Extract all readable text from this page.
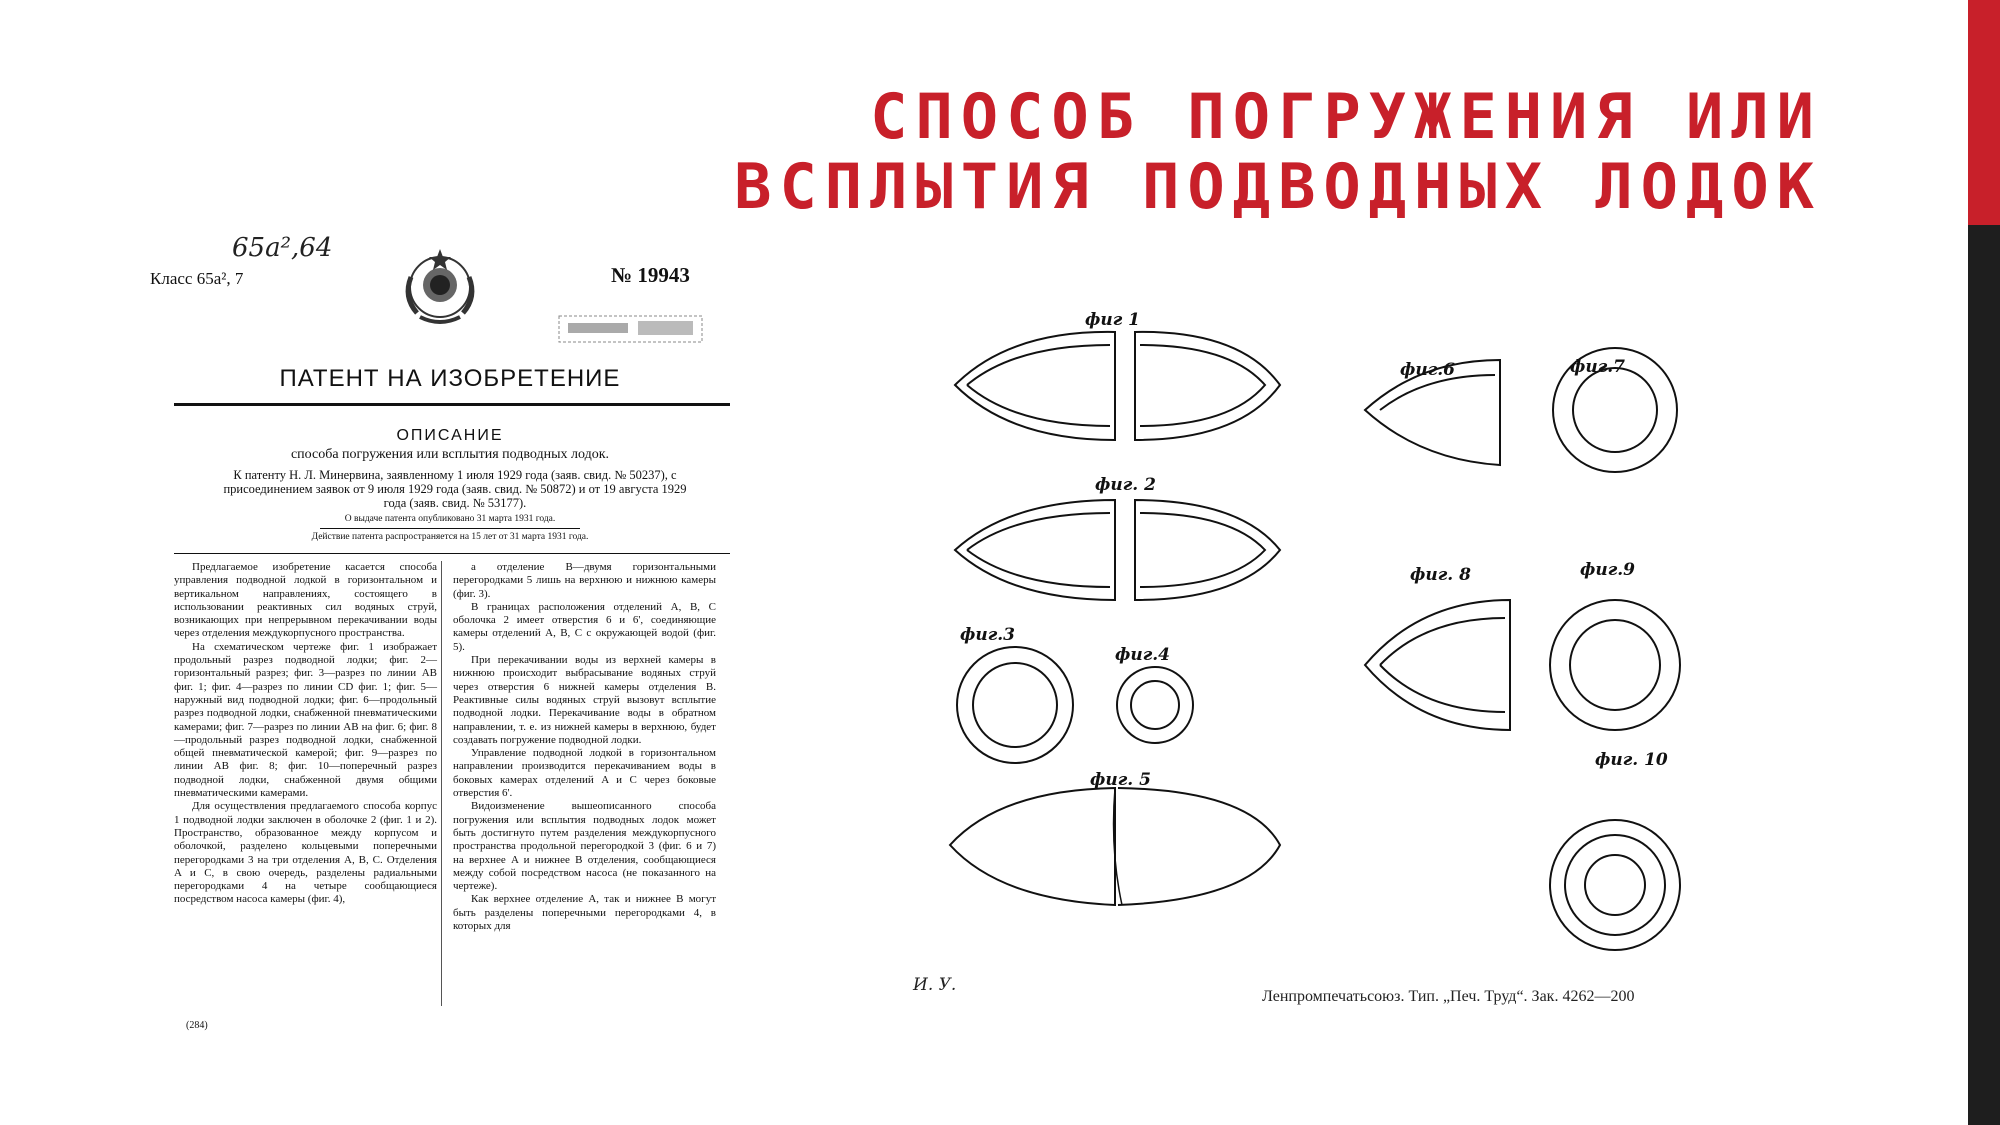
СПОСОБ ПОГРУЖЕНИЯ ИЛИ ВСПЛЫТИЯ ПОДВОДНЫХ ЛОДОК
65a²,64
Класс 65a², 7	№ 19943
ПАТЕНТ НА ИЗОБРЕТЕНИЕ
ОПИСАНИЕ
способа погружения или всплытия подводных лодок.
К патенту Н. Л. Минервина, заявленному 1 июля 1929 года (заяв. свид. № 50237), с присоединением заявок от 9 июля 1929 года (заяв. свид. № 50872) и от 19 августа 1929 года (заяв. свид. № 53177).
О выдаче патента опубликовано 31 марта 1931 года.
Действие патента распространяется на 15 лет от 31 марта 1931 года.

Предлагаемое изобретение касается способа управления подводной лодкой в горизонтальном и вертикальном направлениях, состоящего в использовании реактивных сил водяных струй, возникающих при непрерывном перекачивании воды через отделения междукорпусного пространства.

На схематическом чертеже фиг. 1 изображает продольный разрез подводной лодки; фиг. 2—горизонтальный разрез; фиг. 3—разрез по линии AB фиг. 1; фиг. 4—разрез по линии CD фиг. 1; фиг. 5—наружный вид подводной лодки; фиг. 6—продольный разрез подводной лодки, снабженной пневматическими камерами; фиг. 7—разрез по линии AB на фиг. 6; фиг. 8—продольный разрез подводной лодки, снабженной общей пневматической камерой; фиг. 9—разрез по линии AB фиг. 8; фиг. 10—поперечный разрез подводной лодки, снабженной двумя общими пневматическими камерами.

Для осуществления предлагаемого способа корпус 1 подводной лодки заключен в оболочке 2 (фиг. 1 и 2). Пространство, образованное между корпусом и оболочкой, разделено кольцевыми поперечными перегородками 3 на три отделения A, B, C. Отделения A и C, в свою очередь, разделены радиальными перегородками 4 на четыре сообщающиеся посредством насоса камеры (фиг. 4),

а отделение B—двумя горизонтальными перегородками 5 лишь на верхнюю и нижнюю камеры (фиг. 3).

В границах расположения отделений A, B, C оболочка 2 имеет отверстия 6 и 6', соединяющие камеры отделений A, B, C с окружающей водой (фиг. 5).

При перекачивании воды из верхней камеры в нижнюю происходит выбрасывание водяных струй через отверстия 6 нижней камеры отделения B. Реактивные силы водяных струй вызовут всплытие подводной лодки. Перекачивание воды в обратном направлении, т. е. из нижней камеры в верхнюю, будет создавать погружение подводной лодки.

Управление подводной лодкой в горизонтальном направлении производится перекачиванием воды в боковых камерах отделений A и C через боковые отверстия 6'.

Видоизменение вышеописанного способа погружения или всплытия подводных лодок может быть достигнуто путем разделения междукорпусного пространства продольной перегородкой 3 (фиг. 6 и 7) на верхнее A и нижнее B отделения, сообщающиеся между собой посредством насоса (не показанного на чертеже).

Как верхнее отделение A, так и нижнее B могут быть разделены поперечными перегородками 4, в которых для

(284)
фиг 1
фиг. 2
фиг.3
фиг.4
фиг. 5
фиг.6	фиг.7
фиг. 8	фиг.9
фиг. 10
И. У.
Ленпромпечатьсоюз. Тип. „Печ. Труд“. Зак. 4262—200
